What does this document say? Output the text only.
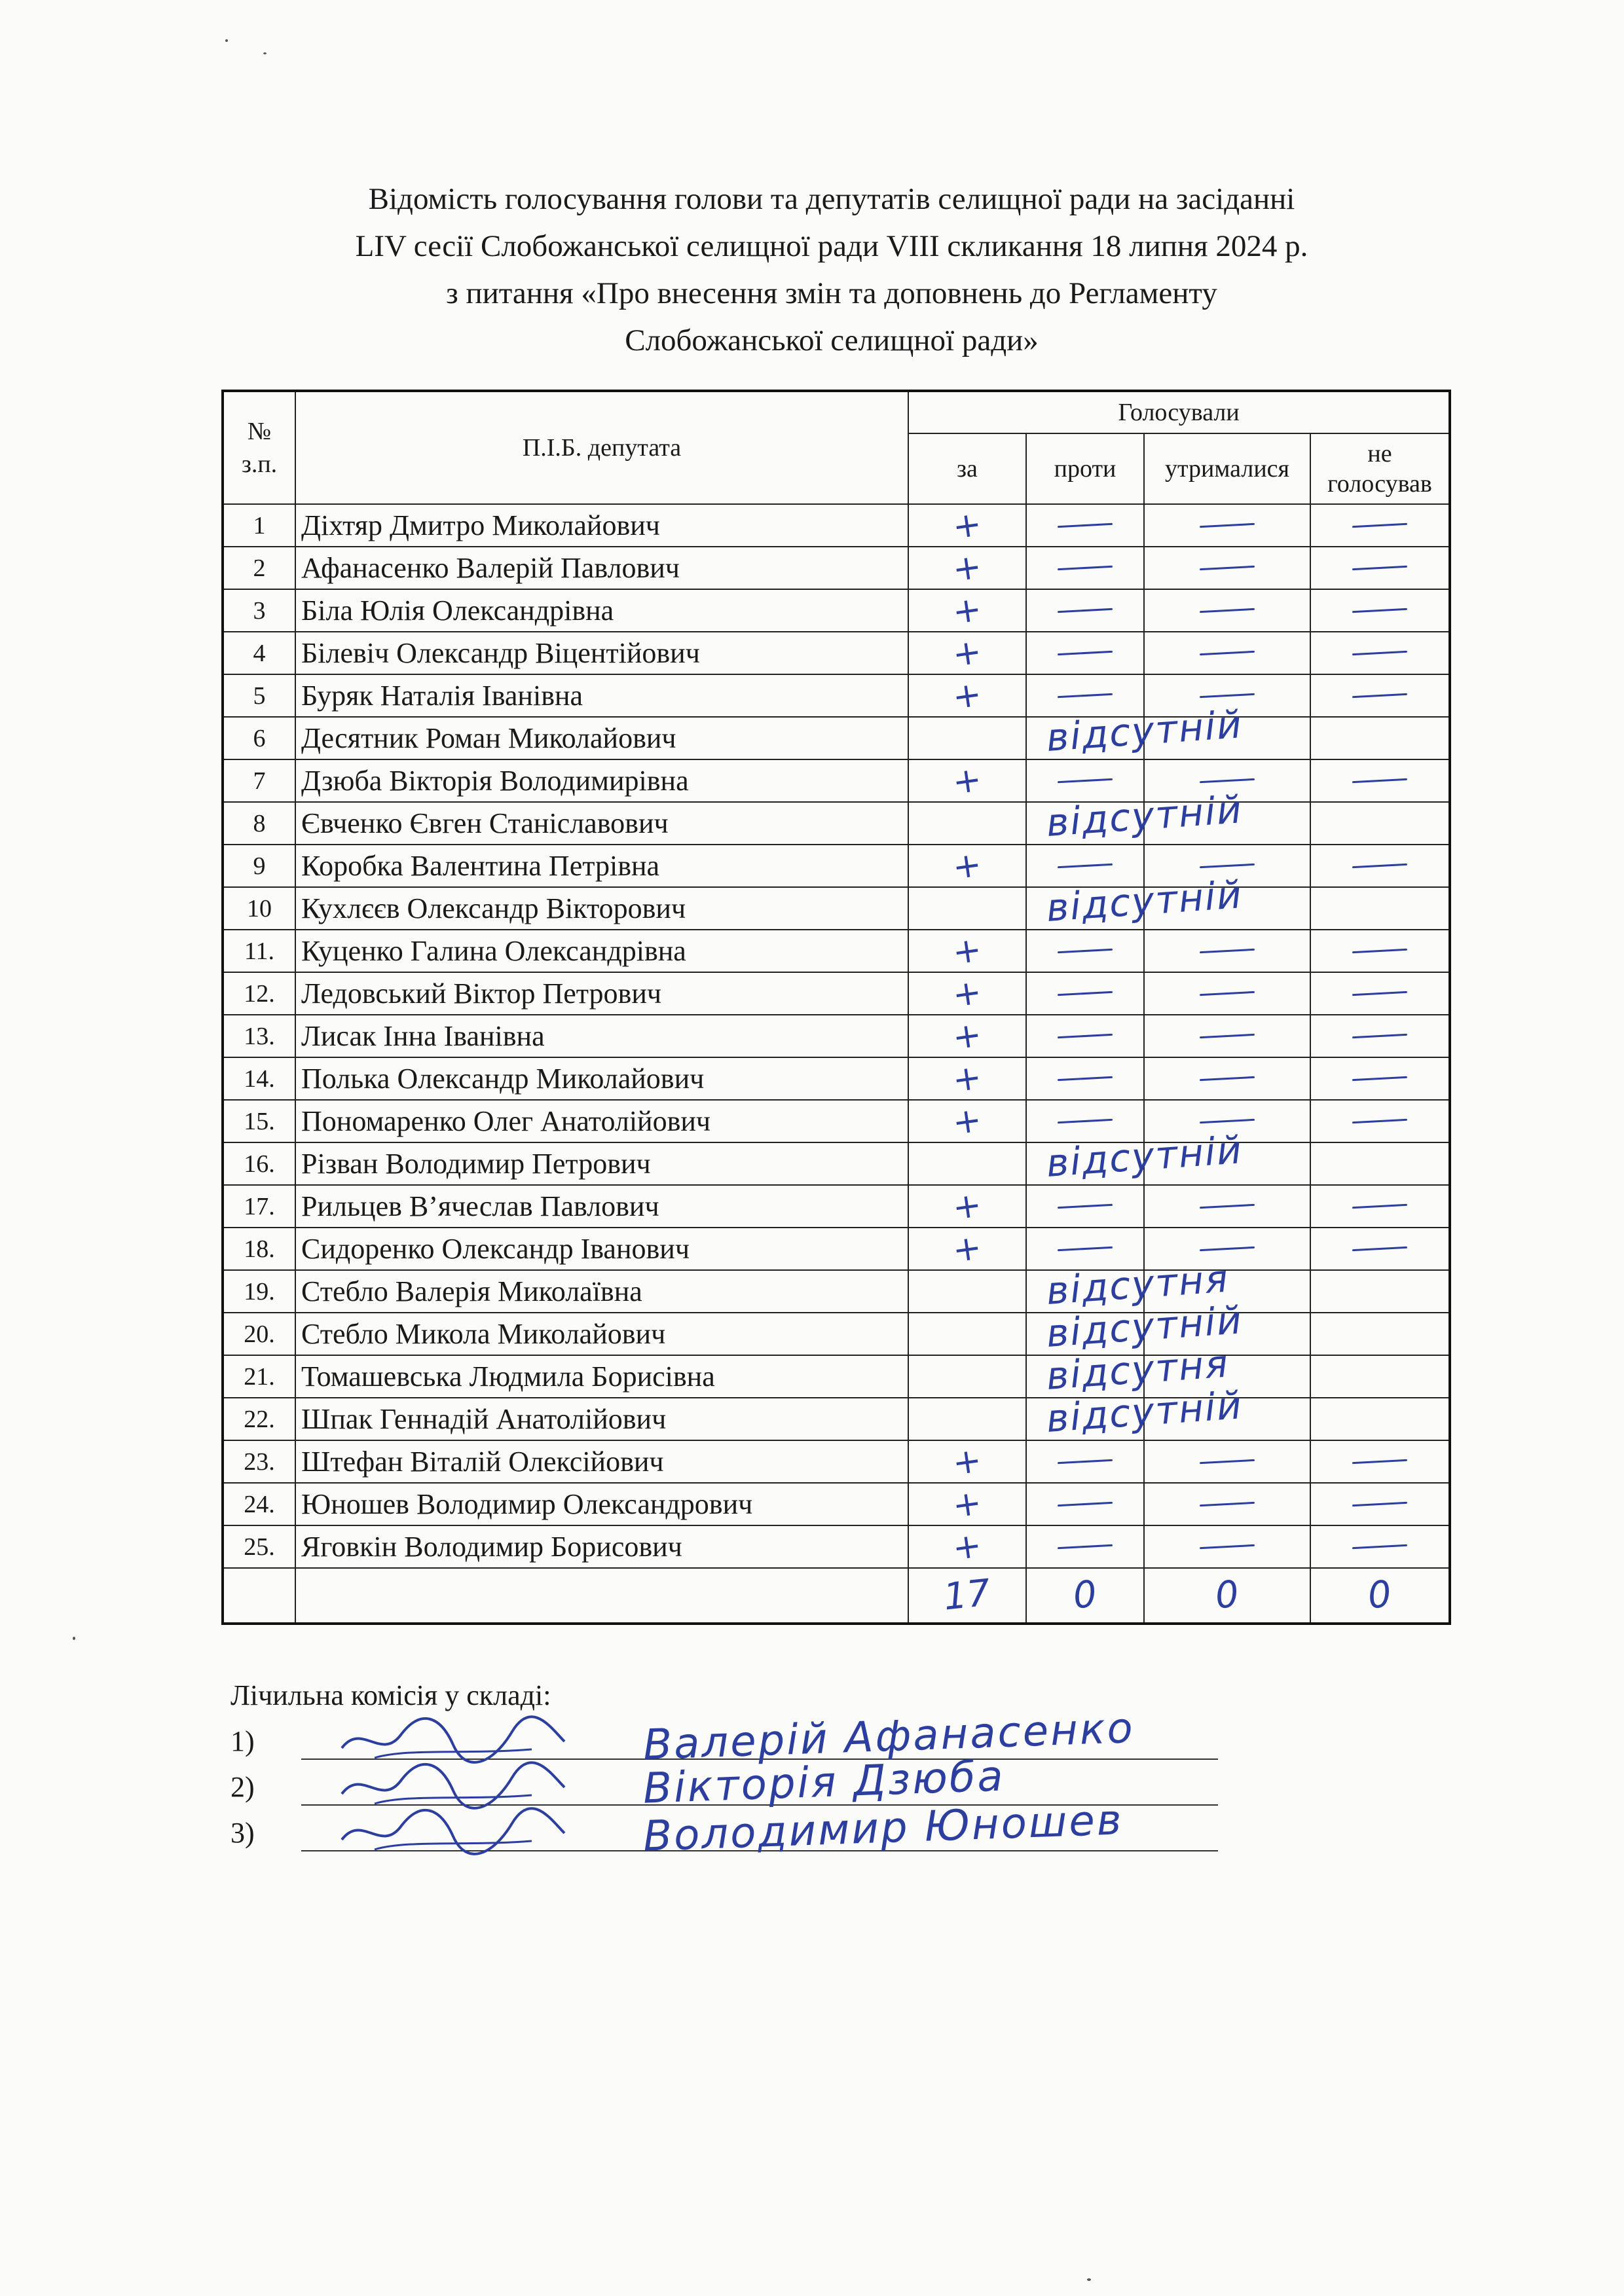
Відомість голосування голови та депутатів селищної ради на засіданні
LIV сесії Слобожанської селищної ради VIII скликання 18 липня 2024 р.
з питання «Про внесення змін та доповнень до Регламенту
Слобожанської селищної ради»
№
з.п.	П.І.Б. депутата	Голосували			
		за	проти	утрималися	не
голосував
1	Діхтяр Дмитро Миколайович	+			
2	Афанасенко Валерій Павлович	+			
3	Біла Юлія Олександрівна	+			
4	Білевіч Олександр Віцентійович	+			
5	Буряк Наталія Іванівна	+			
6	Десятник Роман Миколайович		відсутній		

7	Дзюба Вікторія Володимирівна	+			
8	Євченко Євген Станіславович		відсутній		

9	Коробка Валентина Петрівна	+			
10	Кухлєєв Олександр Вікторович		відсутній		

11.	Куценко Галина Олександрівна	+			
12.	Ледовський Віктор Петрович	+			
13.	Лисак Інна Іванівна	+			
14.	Полька Олександр Миколайович	+			
15.	Пономаренко Олег Анатолійович	+			
16.	Різван Володимир Петрович		відсутній		

17.	Рильцев В’ячеслав Павлович	+			
18.	Сидоренко Олександр Іванович	+			
19.	Стебло Валерія Миколаївна		відсутня		

20.	Стебло Микола Миколайович		відсутній		

21.	Томашевська Людмила Борисівна		відсутня		

22.	Шпак Геннадій Анатолійович		відсутній		

23.	Штефан Віталій Олексійович	+			
24.	Юношев Володимир Олександрович	+			
25.	Яговкін Володимир Борисович	+			
		17	0	0	0
Лічильна комісія у складі:
1)	Валерій Афанасенко
2)	Вікторія Дзюба
3)	Володимир Юношев
